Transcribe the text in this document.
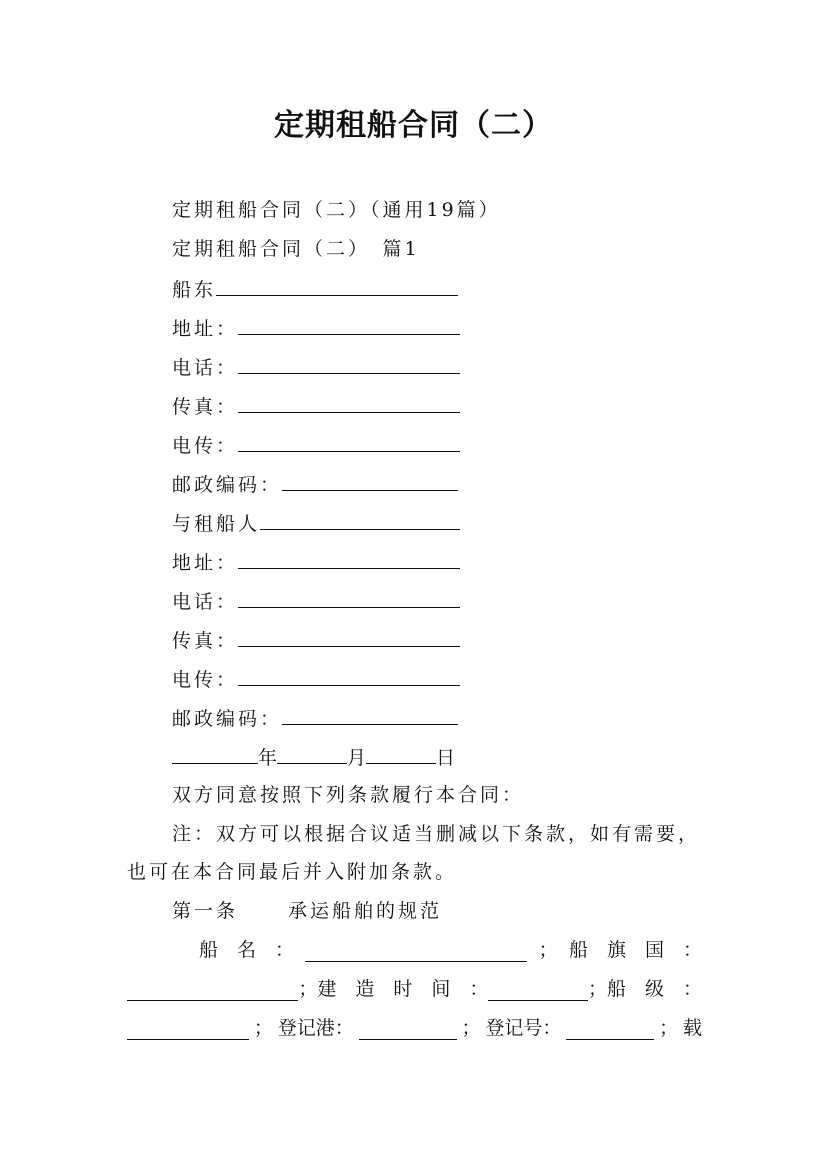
定期租船合同（二）
定期租船合同（二）（通用19篇）
定期租船合同（二）　篇1
船东
地址：
电话：
传真：
电传：
邮政编码：
与租船人
地址：
电话：
传真：
电传：
邮政编码：
年	月	日
双方同意按照下列条款履行本合同：
注：双方可以根据合议适当删减以下条款，如有需要，也可在本合同最后并入附加条款。
第一条	承运船舶的规范
船　名　：	； 船　旗　国　：
； 建　造　时　间　：	； 船　级　：
； 登记港：	； 登记号：	； 载
